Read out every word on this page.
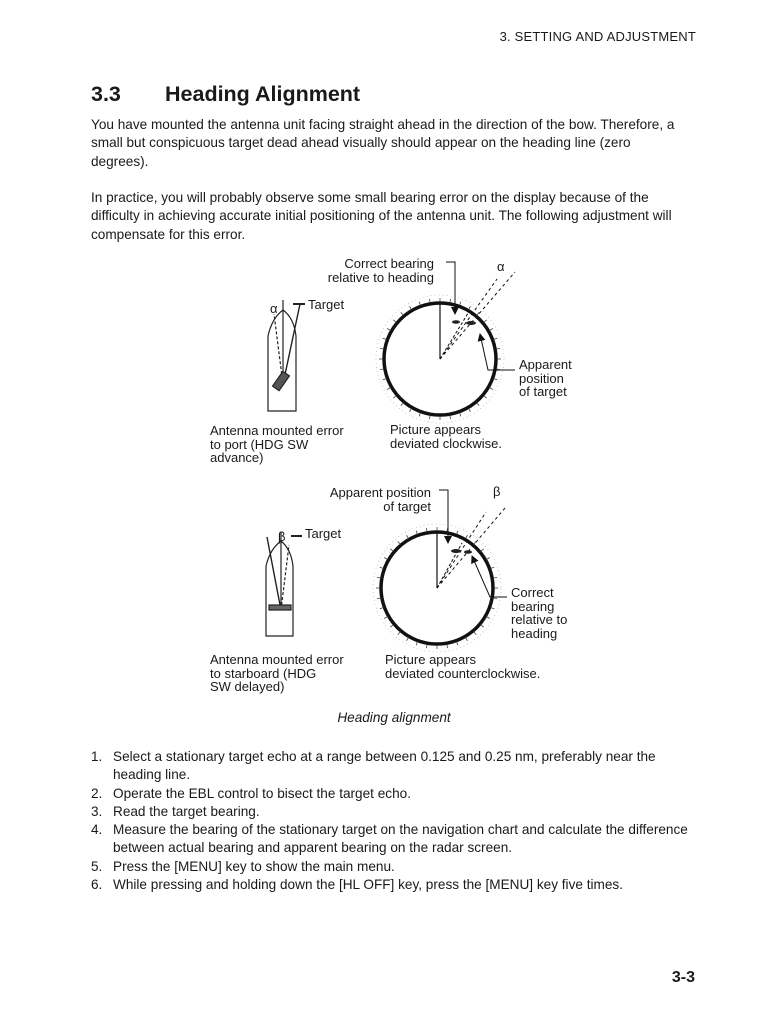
3. SETTING AND ADJUSTMENT
3.3 Heading Alignment

You have mounted the antenna unit facing straight ahead in the direction of the bow. Therefore, a small but conspicuous target dead ahead visually should appear on the heading line (zero degrees).

In practice, you will probably observe some small bearing error on the display because of the difficulty in achieving accurate initial positioning of the antenna unit. The following adjustment will compensate for this error.

α
α Target
Correct bearing
relative to heading
Apparent
position
of target
Antenna mounted error
to port (HDG SW
advance)
Picture appears
deviated clockwise.
β
β Target
Apparent position
of target
Correct
bearing
relative to
heading
Antenna mounted error
to starboard (HDG
SW delayed)
Picture appears
deviated counterclockwise.
Heading alignment
1. Select a stationary target echo at a range between 0.125 and 0.25 nm, preferably near the heading line.
2. Operate the EBL control to bisect the target echo.
3. Read the target bearing.
4. Measure the bearing of the stationary target on the navigation chart and calculate the difference between actual bearing and apparent bearing on the radar screen.
5. Press the [MENU] key to show the main menu.
6. While pressing and holding down the [HL OFF] key, press the [MENU] key five times.
3-3
